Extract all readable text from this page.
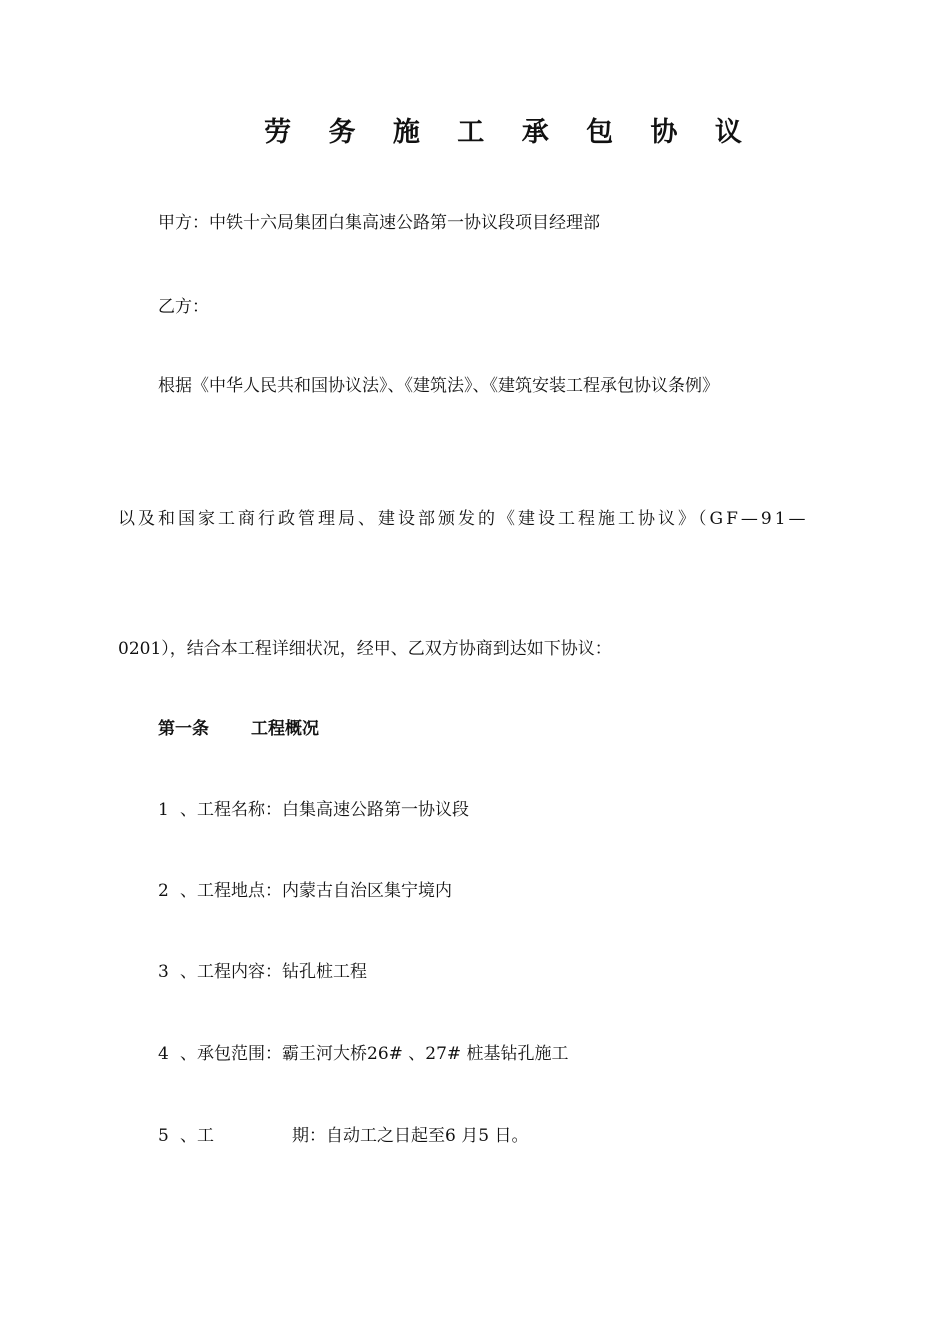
劳 务 施 工 承 包 协 议
甲方：中铁十六局集团白集高速公路第一协议段项目经理部
乙方：
根据《中华人民共和国协议法》、《建筑法》、《建筑安装工程承包协议条例》
以及和国家工商行政管理局、建设部颁发的《建设工程施工协议》（GF—91—
0201），结合本工程详细状况，经甲、乙双方协商到达如下协议：
第一条 工程概况
1 、工程名称：白集高速公路第一协议段
2 、工程地点：内蒙古自治区集宁境内
3 、工程内容：钻孔桩工程
4 、承包范围：霸王河大桥26# 、27# 桩基钻孔施工
5 、工	期：自动工之日起至6 月5 日。
